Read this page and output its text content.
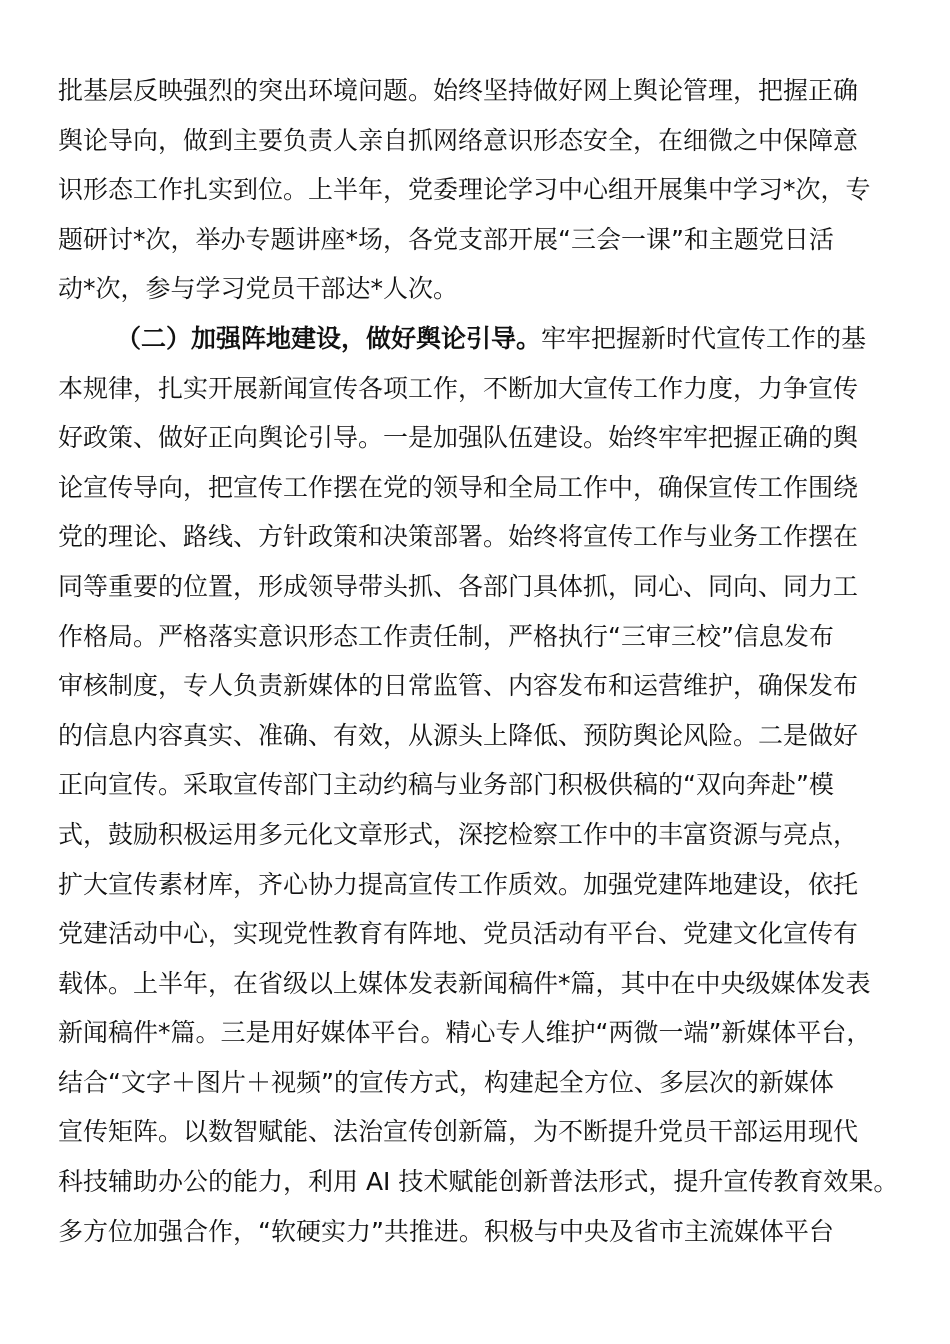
批基层反映强烈的突出环境问题。始终坚持做好网上舆论管理，把握正确
舆论导向，做到主要负责人亲自抓网络意识形态安全，在细微之中保障意
识形态工作扎实到位。上半年，党委理论学习中心组开展集中学习*次，专
题研讨*次，举办专题讲座*场，各党支部开展“三会一课”和主题党日活
动*次，参与学习党员干部达*人次。
（二）加强阵地建设，做好舆论引导。牢牢把握新时代宣传工作的基
本规律，扎实开展新闻宣传各项工作，不断加大宣传工作力度，力争宣传
好政策、做好正向舆论引导。一是加强队伍建设。始终牢牢把握正确的舆
论宣传导向，把宣传工作摆在党的领导和全局工作中，确保宣传工作围绕
党的理论、路线、方针政策和决策部署。始终将宣传工作与业务工作摆在
同等重要的位置，形成领导带头抓、各部门具体抓，同心、同向、同力工
作格局。严格落实意识形态工作责任制，严格执行“三审三校”信息发布
审核制度，专人负责新媒体的日常监管、内容发布和运营维护，确保发布
的信息内容真实、准确、有效，从源头上降低、预防舆论风险。二是做好
正向宣传。采取宣传部门主动约稿与业务部门积极供稿的“双向奔赴”模
式，鼓励积极运用多元化文章形式，深挖检察工作中的丰富资源与亮点，
扩大宣传素材库，齐心协力提高宣传工作质效。加强党建阵地建设，依托
党建活动中心，实现党性教育有阵地、党员活动有平台、党建文化宣传有
载体。上半年，在省级以上媒体发表新闻稿件*篇，其中在中央级媒体发表
新闻稿件*篇。三是用好媒体平台。精心专人维护“两微一端”新媒体平台，
结合“文字＋图片＋视频”的宣传方式，构建起全方位、多层次的新媒体
宣传矩阵。以数智赋能、法治宣传创新篇，为不断提升党员干部运用现代
科技辅助办公的能力，利用 AI 技术赋能创新普法形式，提升宣传教育效果。
多方位加强合作，“软硬实力”共推进。积极与中央及省市主流媒体平台
